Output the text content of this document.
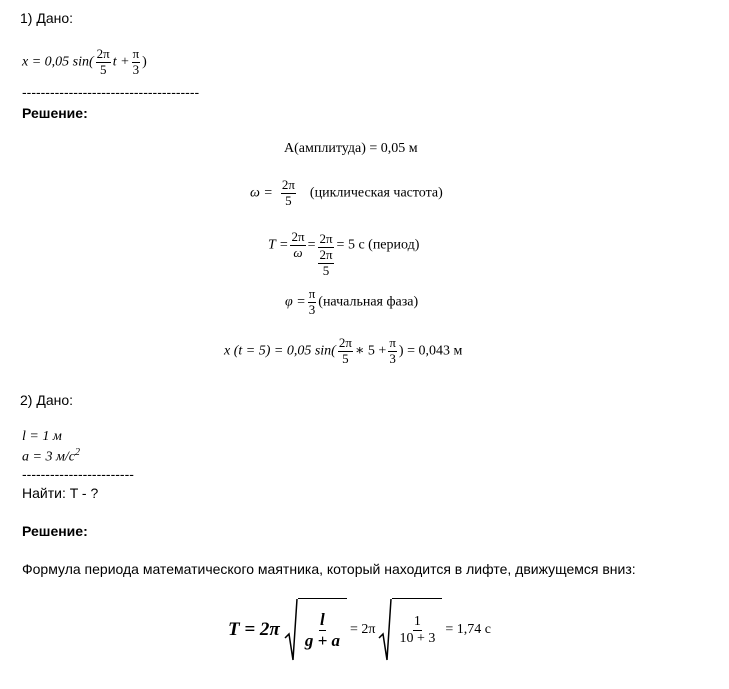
1) Дано:
x = 0,05 $\sin( \frac{2\pi}{5}$ $t + \frac{\pi}{3}$ )
--------------------------------------
Решение:
A(амплитуда) = 0,05 м
$\omega = \frac{2\pi}{5}$ (циклическая частота)
$T = \frac{2\pi}{\omega} = \frac{2\pi}{\frac{2\pi}{5}} = 5$ с (период)
$\varphi = \frac{\pi}{3}$ (начальная фаза)
x (t = 5) = 0,05 $\sin( \frac{2\pi}{5}$ ∗ $5 + \frac{\pi}{3}$ ) = 0,043 м
2) Дано:
l = 1 м
a = 3 $м/с^2$
------------------------
Найти: T - ?
Решение:
Формула периода математического маятника, который находится в лифте, движущемся вниз:
$T = 2\pi \frac{l}{g + a} = 2\pi \frac{1}{10 + 3} = 1,74$ с
